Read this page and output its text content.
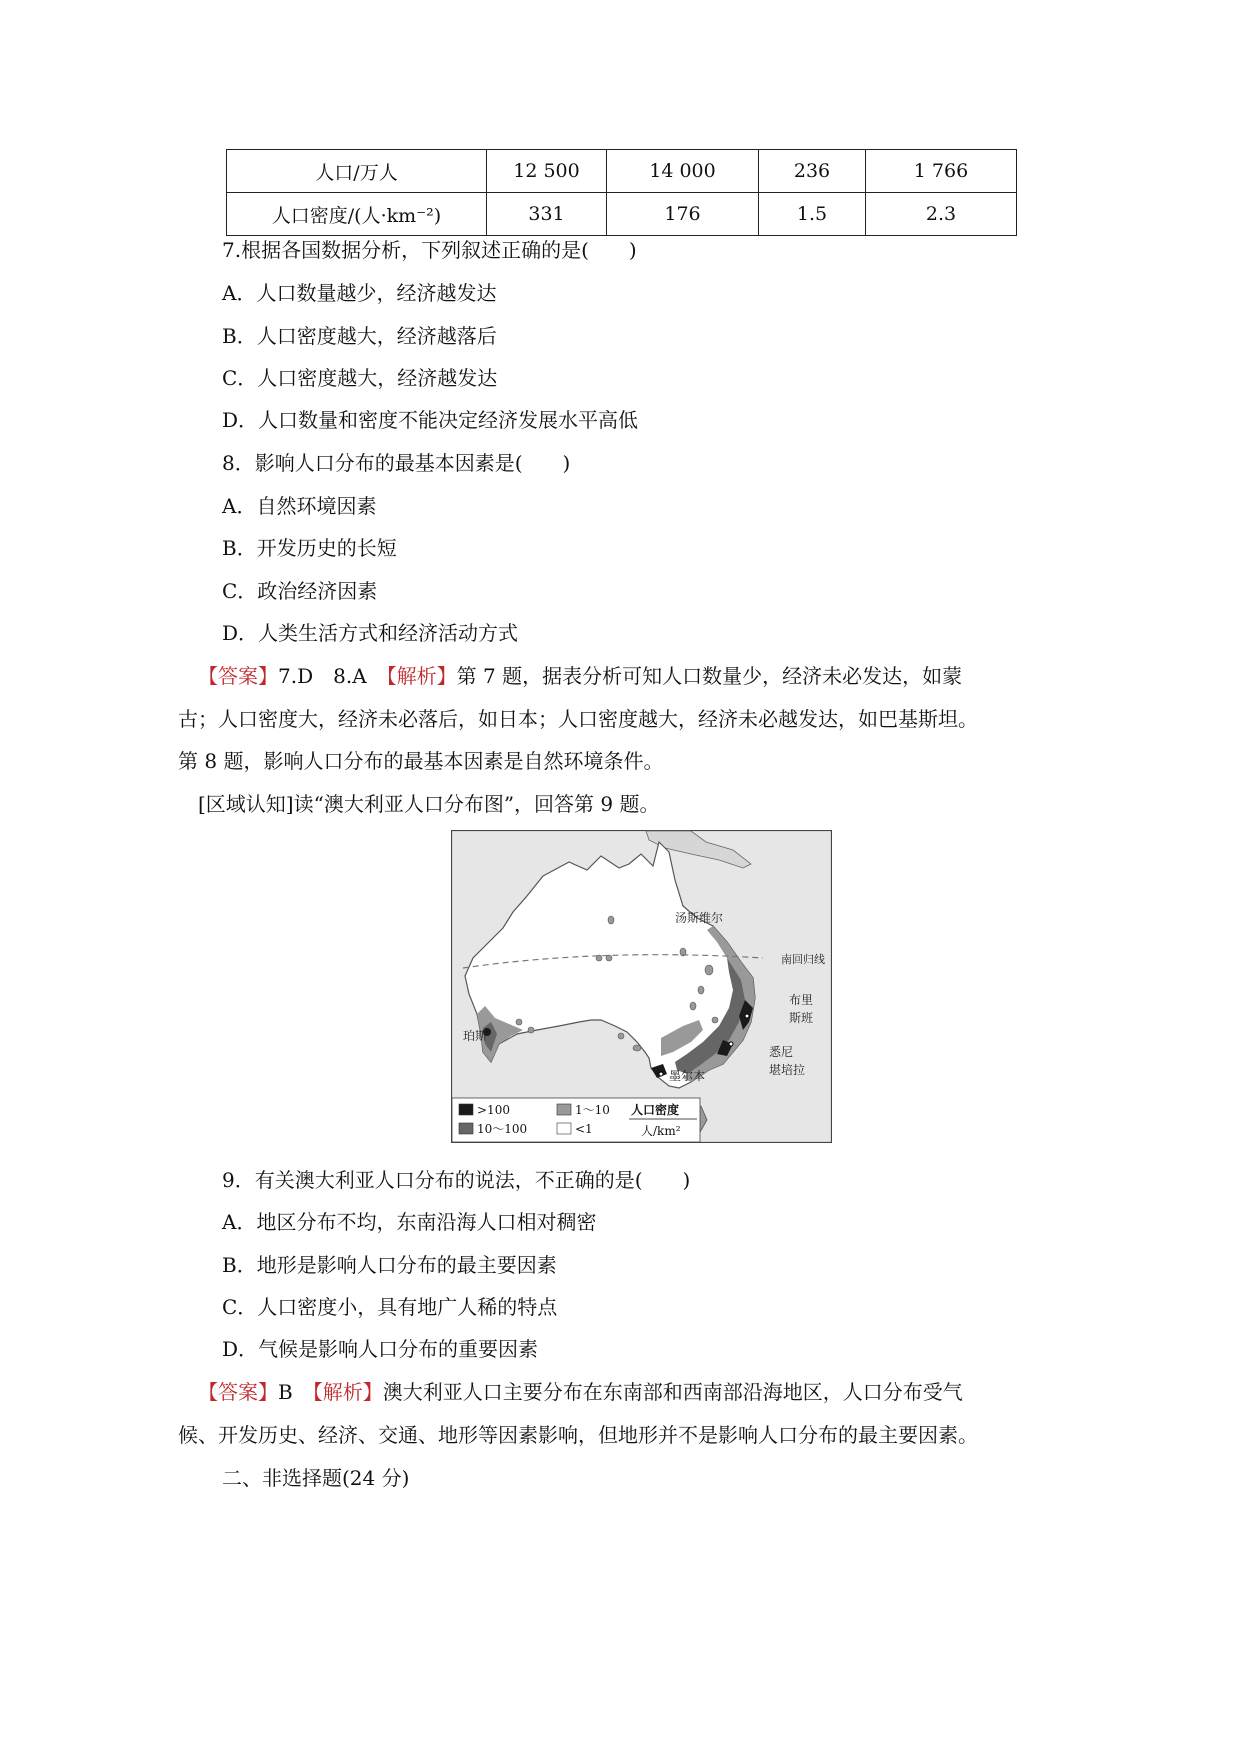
人口/万人	12 500	14 000	236	1 766
人口密度/(人·km⁻²)	331	176	1.5	2.3
7.根据各国数据分析，下列叙述正确的是(　　)
A．人口数量越少，经济越发达
B．人口密度越大，经济越落后
C．人口密度越大，经济越发达
D．人口数量和密度不能决定经济发展水平高低
8．影响人口分布的最基本因素是(　　)
A．自然环境因素
B．开发历史的长短
C．政治经济因素
D．人类生活方式和经济活动方式
【答案】7.D　8.A　【解析】第 7 题，据表分析可知人口数量少，经济未必发达，如蒙
古；人口密度大，经济未必落后，如日本；人口密度越大，经济未必越发达，如巴基斯坦。
第 8 题，影响人口分布的最基本因素是自然环境条件。
[区域认知]读“澳大利亚人口分布图”，回答第 9 题。
汤斯维尔
南回归线
布里
斯班
珀斯
悉尼
堪培拉
墨尔本
>100
10～100
1～10
<1
人口密度
人/km²
9．有关澳大利亚人口分布的说法，不正确的是(　　)
A．地区分布不均，东南沿海人口相对稠密
B．地形是影响人口分布的最主要因素
C．人口密度小，具有地广人稀的特点
D．气候是影响人口分布的重要因素
【答案】B　【解析】澳大利亚人口主要分布在东南部和西南部沿海地区，人口分布受气
候、开发历史、经济、交通、地形等因素影响，但地形并不是影响人口分布的最主要因素。
二、非选择题(24 分)
